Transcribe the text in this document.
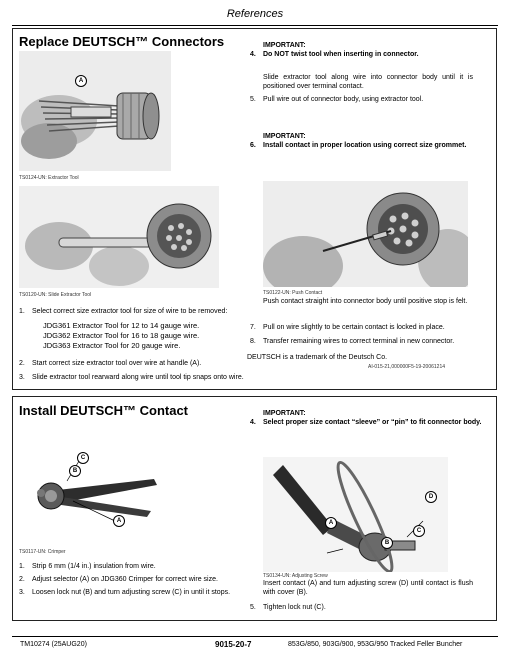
References
Replace DEUTSCH™ Connectors
A
TS0124-UN: Extractor Tool
TS0120-UN: Slide Extractor Tool
1. Select correct size extractor tool for size of wire to be removed:
JDG361 Extractor Tool for 12 to 14 gauge wire.
JDG362 Extractor Tool for 16 to 18 gauge wire.
JDG363 Extractor Tool for 20 gauge wire.
2. Start correct size extractor tool over wire at handle (A).
3. Slide extractor tool rearward along wire until tool tip snaps onto wire.
IMPORTANT:
4. Do NOT twist tool when inserting in connector.
Slide extractor tool along wire into connector body until it is positioned over terminal contact.
5. Pull wire out of connector body, using extractor tool.
IMPORTANT:
6. Install contact in proper location using correct size grommet.
TS0122-UN: Push Contact
Push contact straight into connector body until positive stop is felt.
7. Pull on wire slightly to be certain contact is locked in place.
8. Transfer remaining wires to correct terminal in new connector.
DEUTSCH is a trademark of the Deutsch Co.
AI-015-21,000000F5-19-20061214
Install DEUTSCH™ Contact
C
B
A
TS0117-UN: Crimper
1. Strip 6 mm (1/4 in.) insulation from wire.
2. Adjust selector (A) on JDG360 Crimper for correct wire size.
3. Loosen lock nut (B) and turn adjusting screw (C) in until it stops.
IMPORTANT:
4. Select proper size contact “sleeve” or “pin” to fit connector body.
D
A
C
B
TS0134-UN: Adjusting Screw
Insert contact (A) and turn adjusting screw (D) until contact is flush with cover (B).
5. Tighten lock nut (C).
TM10274 (25AUG20)	9015-20-7	853G/850, 903G/900, 953G/950 Tracked Feller Buncher
